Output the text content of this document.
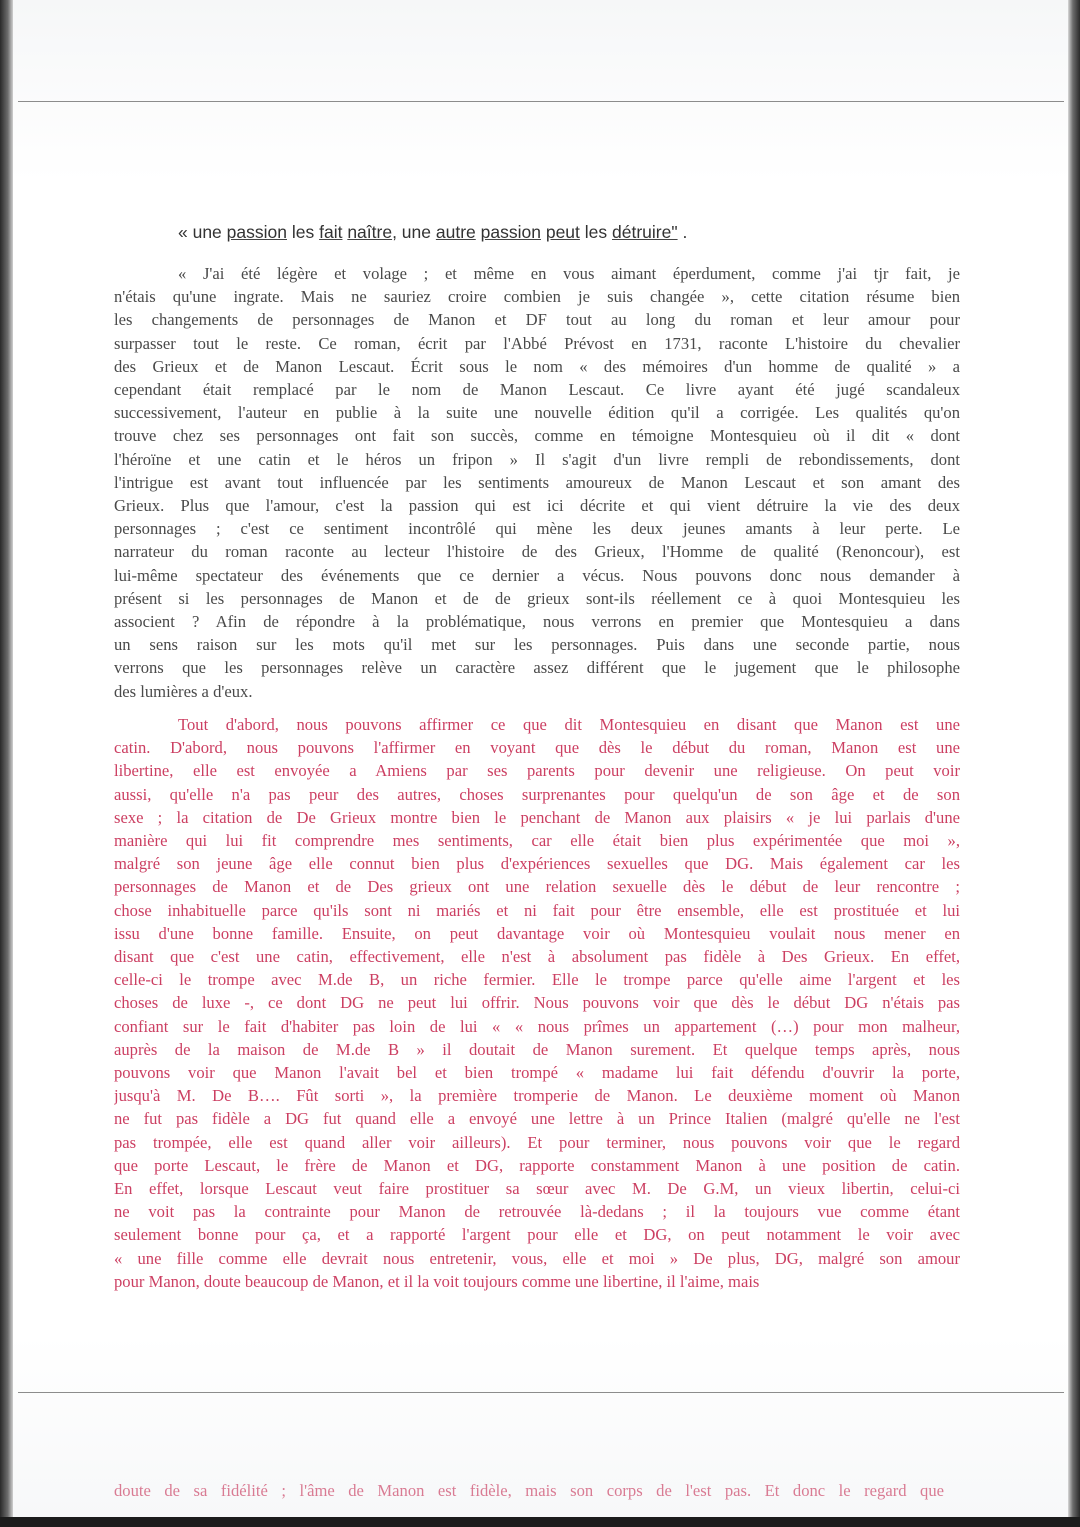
« une passion les fait naître, une autre passion peut les détruire" .
« J'ai été légère et volage ; et même en vous aimant éperdument, comme j'ai tjr fait, je
n'étais qu'une ingrate. Mais ne sauriez croire combien je suis changée », cette citation résume bien
les changements de personnages de Manon et DF tout au long du roman et leur amour pour
surpasser tout le reste. Ce roman, écrit par l'Abbé Prévost en 1731, raconte L'histoire du chevalier
des Grieux et de Manon Lescaut. Écrit sous le nom « des mémoires d'un homme de qualité » a
cependant était remplacé par le nom de Manon Lescaut. Ce livre ayant été jugé scandaleux
successivement, l'auteur en publie à la suite une nouvelle édition qu'il a corrigée. Les qualités qu'on
trouve chez ses personnages ont fait son succès, comme en témoigne Montesquieu où il dit « dont
l'héroïne et une catin et le héros un fripon » Il s'agit d'un livre rempli de rebondissements, dont
l'intrigue est avant tout influencée par les sentiments amoureux de Manon Lescaut et son amant des
Grieux. Plus que l'amour, c'est la passion qui est ici décrite et qui vient détruire la vie des deux
personnages ; c'est ce sentiment incontrôlé qui mène les deux jeunes amants à leur perte. Le
narrateur du roman raconte au lecteur l'histoire de des Grieux, l'Homme de qualité (Renoncour), est
lui-même spectateur des événements que ce dernier a vécus. Nous pouvons donc nous demander à
présent si les personnages de Manon et de de grieux sont-ils réellement ce à quoi Montesquieu les
associent ? Afin de répondre à la problématique, nous verrons en premier que Montesquieu a dans
un sens raison sur les mots qu'il met sur les personnages. Puis dans une seconde partie, nous
verrons que les personnages relève un caractère assez différent que le jugement que le philosophe
des lumières a d'eux.
Tout d'abord, nous pouvons affirmer ce que dit Montesquieu en disant que Manon est une
catin. D'abord, nous pouvons l'affirmer en voyant que dès le début du roman, Manon est une
libertine, elle est envoyée a Amiens par ses parents pour devenir une religieuse. On peut voir
aussi, qu'elle n'a pas peur des autres, choses surprenantes pour quelqu'un de son âge et de son
sexe ; la citation de De Grieux montre bien le penchant de Manon aux plaisirs « je lui parlais d'une
manière qui lui fit comprendre mes sentiments, car elle était bien plus expérimentée que moi »,
malgré son jeune âge elle connut bien plus d'expériences sexuelles que DG. Mais également car les
personnages de Manon et de Des grieux ont une relation sexuelle dès le début de leur rencontre ;
chose inhabituelle parce qu'ils sont ni mariés et ni fait pour être ensemble, elle est prostituée et lui
issu d'une bonne famille. Ensuite, on peut davantage voir où Montesquieu voulait nous mener en
disant que c'est une catin, effectivement, elle n'est à absolument pas fidèle à Des Grieux. En effet,
celle-ci le trompe avec M.de B, un riche fermier. Elle le trompe parce qu'elle aime l'argent et les
choses de luxe -, ce dont DG ne peut lui offrir. Nous pouvons voir que dès le début DG n'étais pas
confiant sur le fait d'habiter pas loin de lui « « nous prîmes un appartement (…) pour mon malheur,
auprès de la maison de M.de B » il doutait de Manon surement. Et quelque temps après, nous
pouvons voir que Manon l'avait bel et bien trompé « madame lui fait défendu d'ouvrir la porte,
jusqu'à M. De B…. Fût sorti », la première tromperie de Manon. Le deuxième moment où Manon
ne fut pas fidèle a DG fut quand elle a envoyé une lettre à un Prince Italien (malgré qu'elle ne l'est
pas trompée, elle est quand aller voir ailleurs). Et pour terminer, nous pouvons voir que le regard
que porte Lescaut, le frère de Manon et DG, rapporte constamment Manon à une position de catin.
En effet, lorsque Lescaut veut faire prostituer sa sœur avec M. De G.M, un vieux libertin, celui-ci
ne voit pas la contrainte pour Manon de retrouvée là-dedans ; il la toujours vue comme étant
seulement bonne pour ça, et a rapporté l'argent pour elle et DG, on peut notamment le voir avec
« une fille comme elle devrait nous entretenir, vous, elle et moi » De plus, DG, malgré son amour
pour Manon, doute beaucoup de Manon, et il la voit toujours comme une libertine, il l'aime, mais
doute de sa fidélité ; l'âme de Manon est fidèle, mais son corps de l'est pas. Et donc le regard que
